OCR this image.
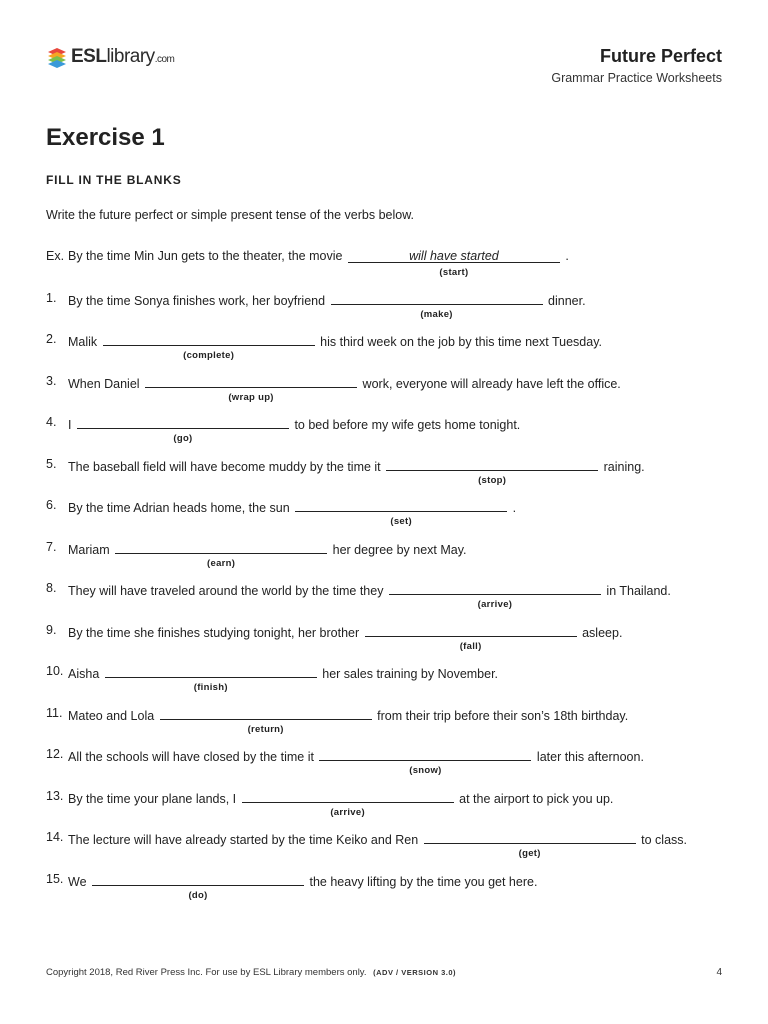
ESLlibrary.com	Future Perfect
Grammar Practice Worksheets
Exercise 1
FILL IN THE BLANKS
Write the future perfect or simple present tense of the verbs below.
Ex. By the time Min Jun gets to the theater, the movie	will have started
(start)
.
1. By the time Sonya finishes work, her boyfriend
(make)
dinner.
2. Malik
(complete)
his third week on the job by this time next Tuesday.
3. When Daniel
(wrap up)
work, everyone will already have left the office.
4. I
(go)
to bed before my wife gets home tonight.
5. The baseball field will have become muddy by the time it
(stop)
raining.
6. By the time Adrian heads home, the sun
(set)
.
7. Mariam
(earn)
her degree by next May.
8. They will have traveled around the world by the time they
(arrive)
in Thailand.
9. By the time she finishes studying tonight, her brother
(fall)
asleep.
10. Aisha
(finish)
her sales training by November.
11. Mateo and Lola
(return)
from their trip before their son’s 18th birthday.
12. All the schools will have closed by the time it
(snow)
later this afternoon.
13. By the time your plane lands, I
(arrive)
at the airport to pick you up.
14. The lecture will have already started by the time Keiko and Ren
(get)
to class.
15. We
(do)
the heavy lifting by the time you get here.
Copyright 2018, Red River Press Inc. For use by ESL Library members only. (ADV / VERSION 3.0)	4
